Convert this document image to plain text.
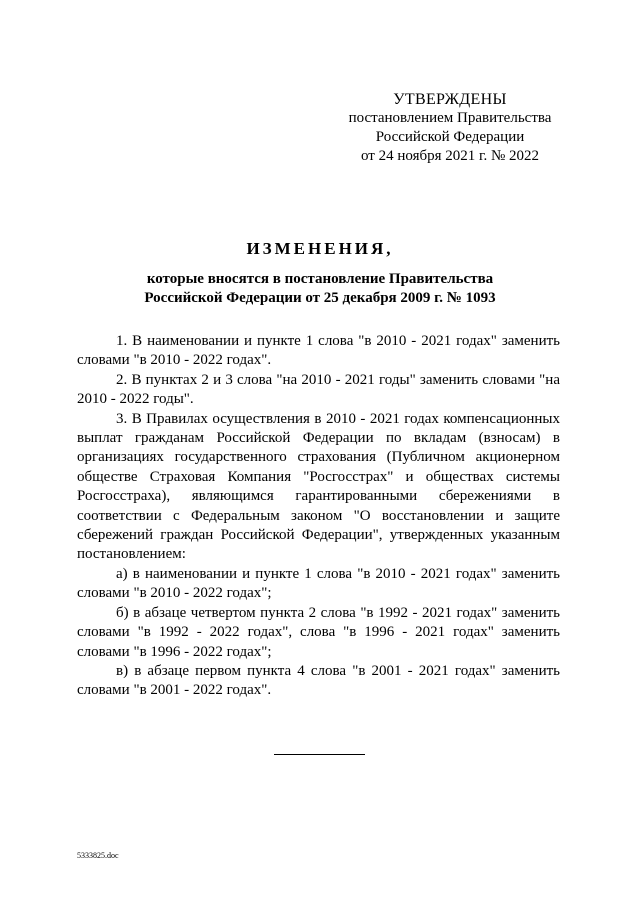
УТВЕРЖДЕНЫ
постановлением Правительства
Российской Федерации
от 24 ноября 2021 г. № 2022
ИЗМЕНЕНИЯ,
которые вносятся в постановление Правительства
Российской Федерации от 25 декабря 2009 г. № 1093

1. В наименовании и пункте 1 слова "в 2010 - 2021 годах" заменить словами "в 2010 - 2022 годах".

2. В пунктах 2 и 3 слова "на 2010 - 2021 годы" заменить словами "на 2010 - 2022 годы".

3. В Правилах осуществления в 2010 - 2021 годах компенсационных выплат гражданам Российской Федерации по вкладам (взносам) в организациях государственного страхования (Публичном акционерном обществе Страховая Компания "Росгосстрах" и обществах системы Росгосстраха), являющимся гарантированными сбережениями в соответствии с Федеральным законом "О восстановлении и защите сбережений граждан Российской Федерации", утвержденных указанным постановлением:

а) в наименовании и пункте 1 слова "в 2010 - 2021 годах" заменить словами "в 2010 - 2022 годах";

б) в абзаце четвертом пункта 2 слова "в 1992 - 2021 годах" заменить словами "в 1992 - 2022 годах", слова "в 1996 - 2021 годах" заменить словами "в 1996 - 2022 годах";

в) в абзаце первом пункта 4 слова "в 2001 - 2021 годах" заменить словами "в 2001 - 2022 годах".

5333825.doc
